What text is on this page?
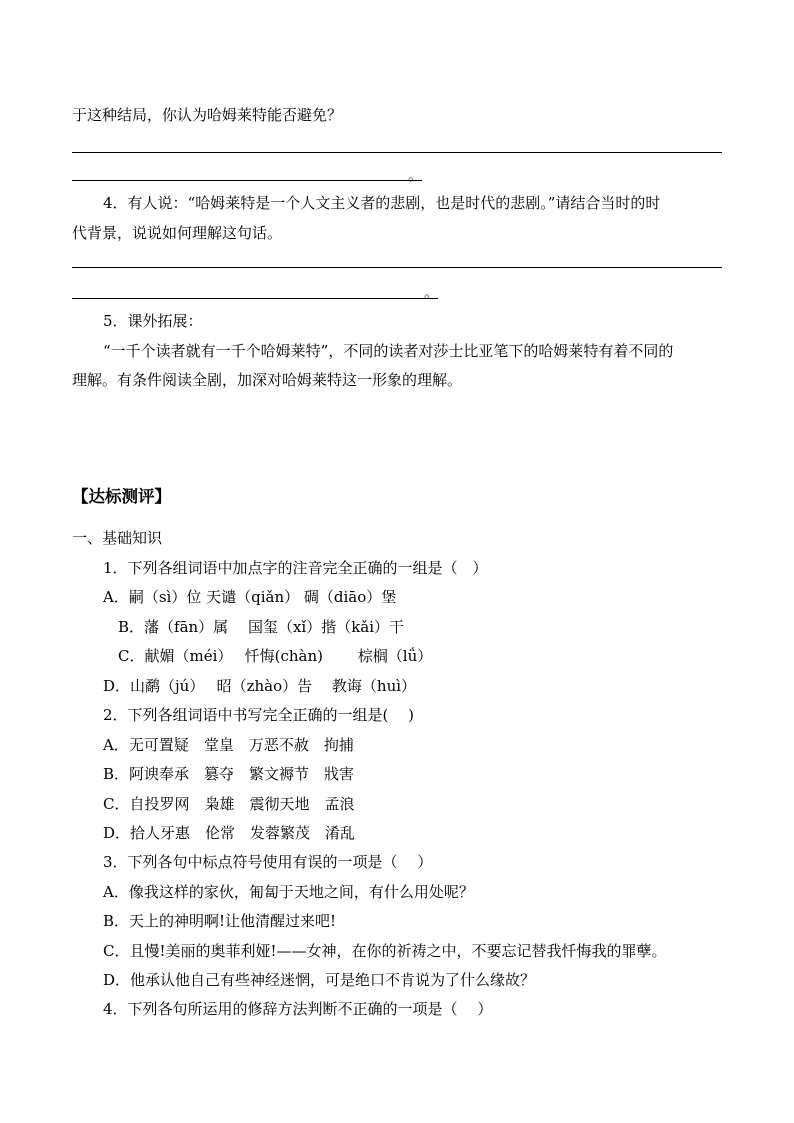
于这种结局，你认为哈姆莱特能否避免？
。
4．有人说：“哈姆莱特是一个人文主义者的悲剧，也是时代的悲剧。”请结合当时的时
代背景，说说如何理解这句话。
。
5．课外拓展：
“一千个读者就有一千个哈姆莱特”，不同的读者对莎士比亚笔下的哈姆莱特有着不同的
理解。有条件阅读全剧，加深对哈姆莱特这一形象的理解。
【达标测评】
一、基础知识
1．下列各组词语中加点字的注音完全正确的一组是（　）
A．嗣（sì）位 天谴（qiǎn） 碉（diāo）堡
B．藩（fān）属　 国玺（xǐ）揩（kǎi）干
C．献媚（méi）　 忏悔(chàn)　　 棕榈（lǘ）
D．山鹬（jú）　 昭（zhào）告　 教诲（huì）
2．下列各组词语中书写完全正确的一组是(　 )
A．无可置疑　堂皇　万恶不赦　拘捕
B．阿谀奉承　篡夺　繁文褥节　戕害
C．自投罗网　枭雄　震彻天地　孟浪
D．拾人牙惠　伦常　发蓉繁茂　淆乱
3．下列各句中标点符号使用有误的一项是（　 ）
A．像我这样的家伙，匍匐于天地之间，有什么用处呢？
B．天上的神明啊!让他清醒过来吧!
C．且慢!美丽的奥菲利娅!——女神，在你的祈祷之中，不要忘记替我忏悔我的罪孽。
D．他承认他自己有些神经迷惘，可是绝口不肯说为了什么缘故？
4．下列各句所运用的修辞方法判断不正确的一项是（　 ）
